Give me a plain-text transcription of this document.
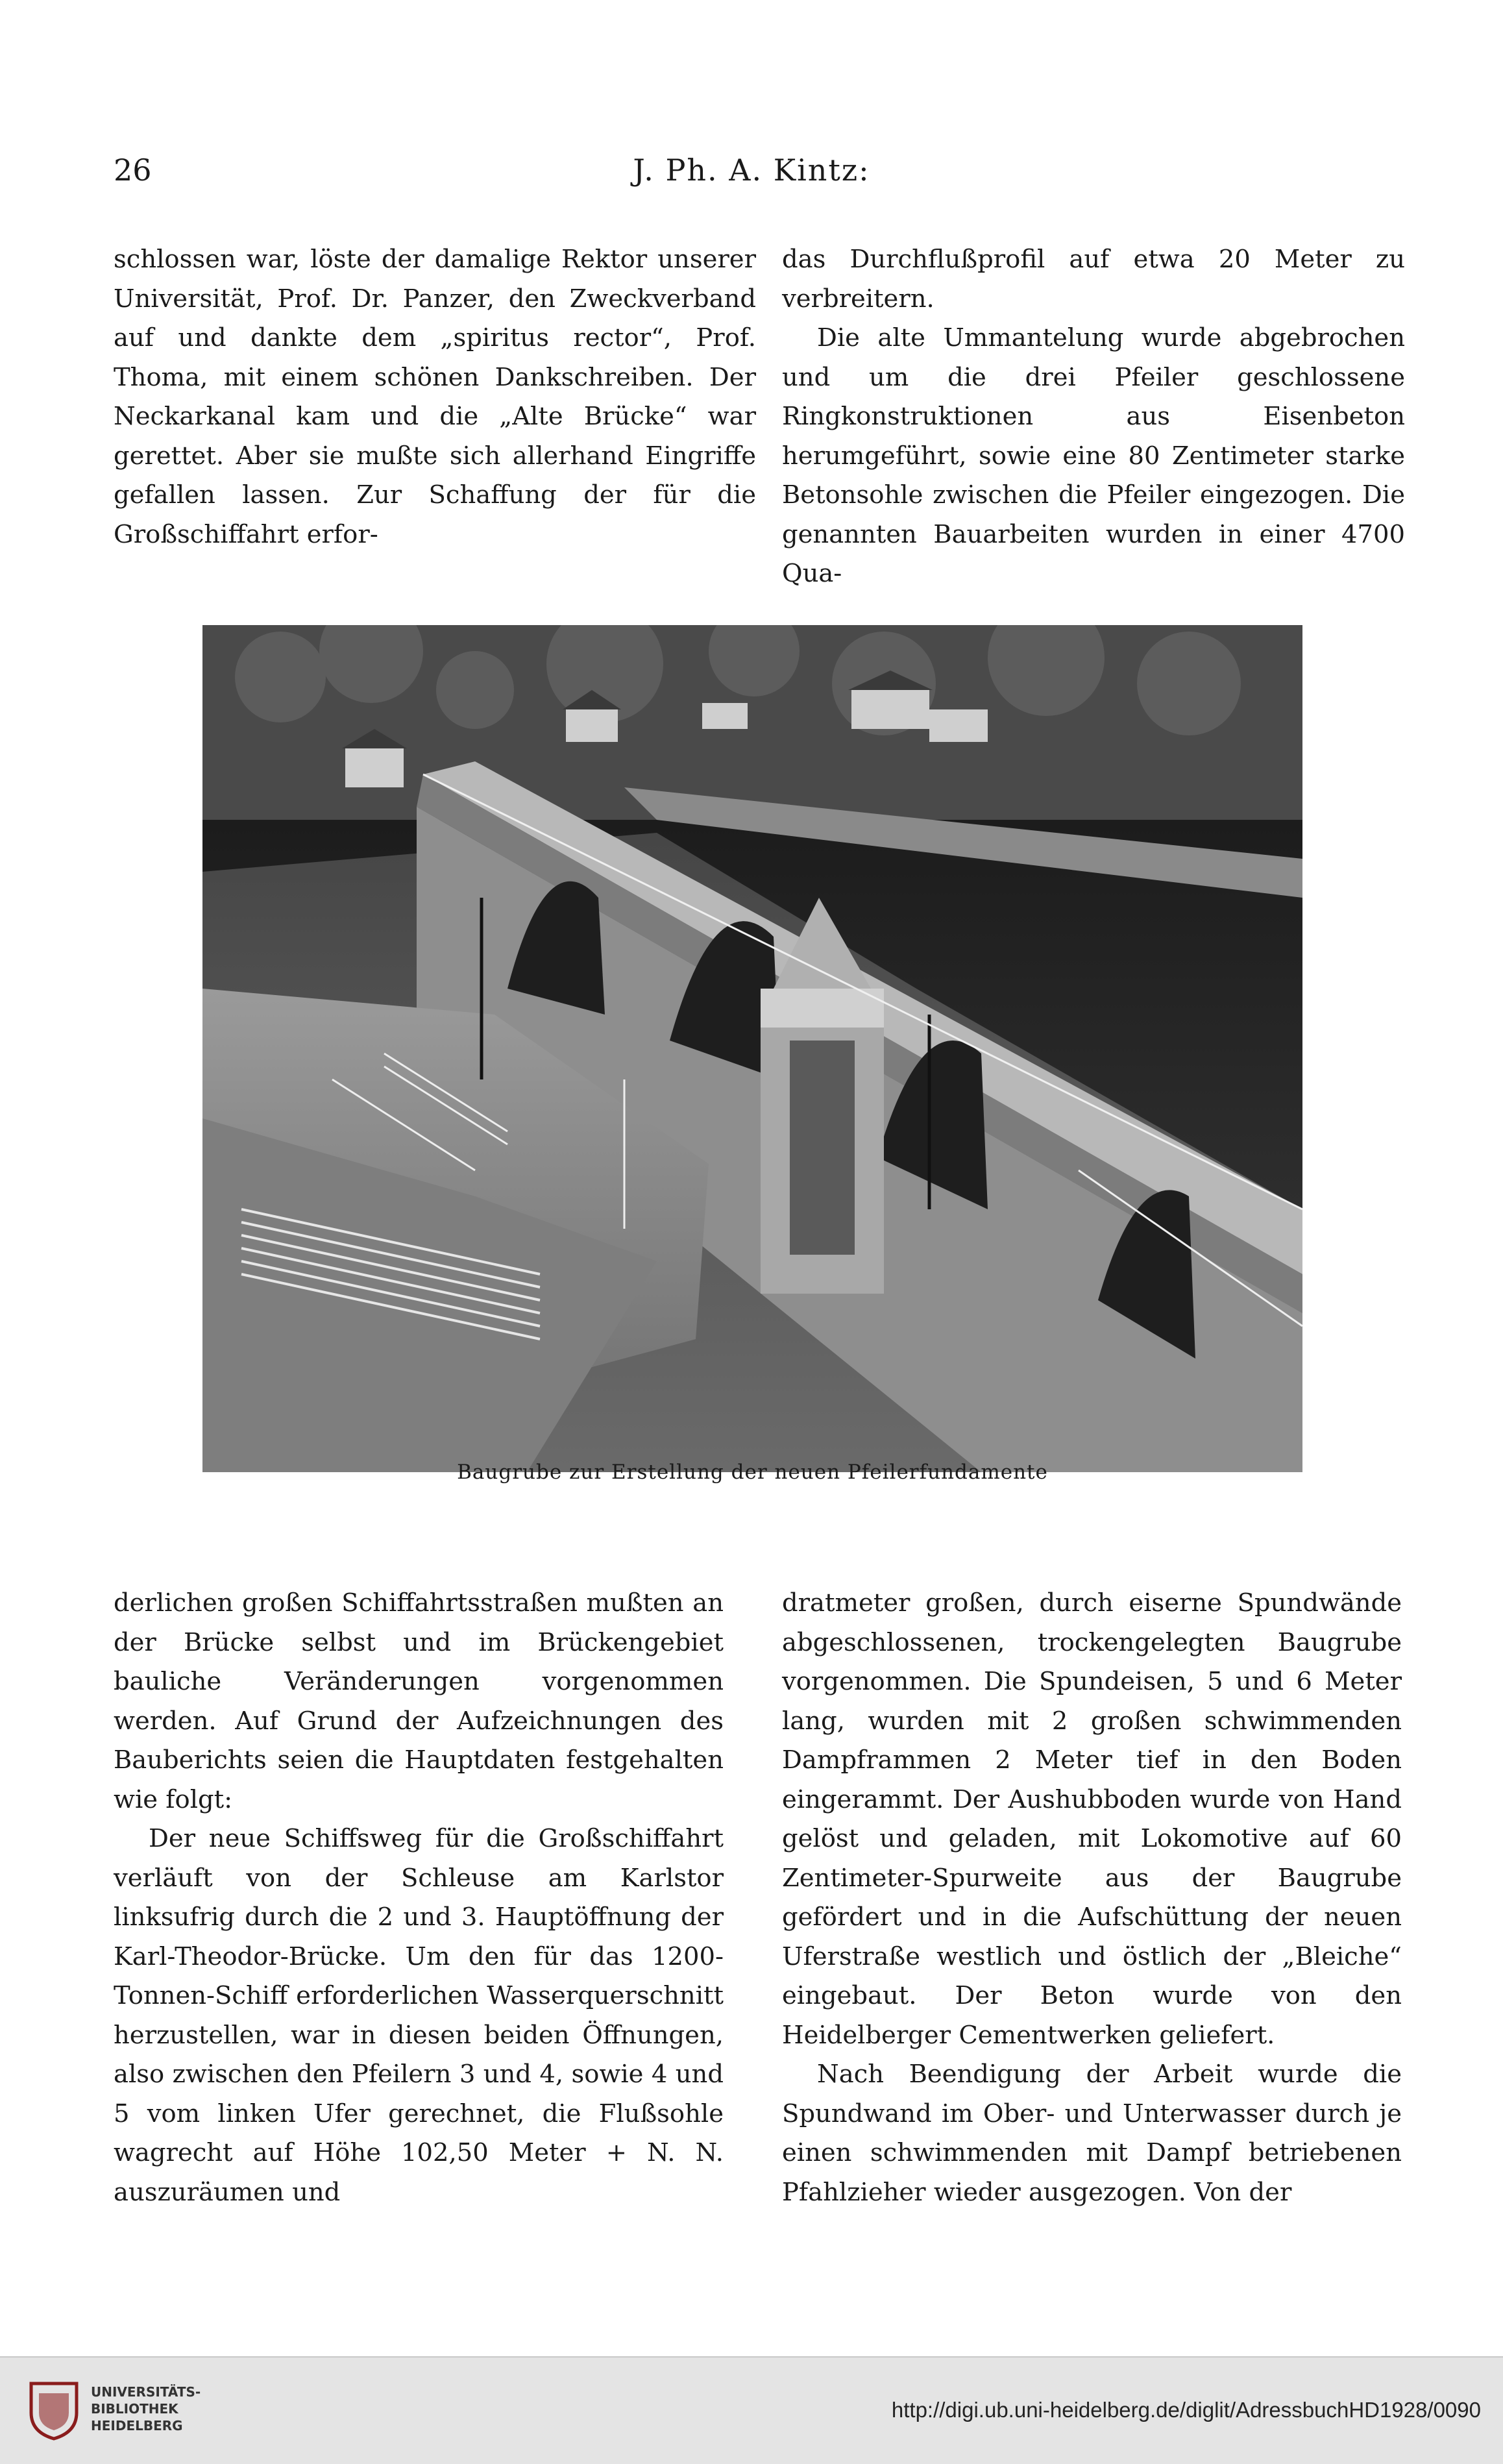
26	J. Ph. A. Kintz:

schlossen war, löste der damalige Rektor unserer Universität, Prof. Dr. Panzer, den Zweckverband auf und dankte dem „spiritus rector“, Prof. Thoma, mit einem schönen Dankschreiben. Der Neckarkanal kam und die „Alte Brücke“ war gerettet. Aber sie mußte sich allerhand Eingriffe gefallen lassen. Zur Schaffung der für die Großschiffahrt erfor-

das Durchflußprofil auf etwa 20 Meter zu verbreitern.

Die alte Ummantelung wurde abgebrochen und um die drei Pfeiler geschlossene Ringkonstruktionen aus Eisenbeton herumgeführt, sowie eine 80 Zentimeter starke Betonsohle zwischen die Pfeiler eingezogen. Die genannten Bauarbeiten wurden in einer 4700 Qua-

Baugrube zur Erstellung der neuen Pfeilerfundamente

derlichen großen Schiffahrtsstraßen mußten an der Brücke selbst und im Brückengebiet bauliche Veränderungen vorgenommen werden. Auf Grund der Aufzeichnungen des Bauberichts seien die Hauptdaten festgehalten wie folgt:

Der neue Schiffsweg für die Großschiffahrt verläuft von der Schleuse am Karlstor linksufrig durch die 2 und 3. Hauptöffnung der Karl-Theodor-Brücke. Um den für das 1200-Tonnen-Schiff erforderlichen Wasserquerschnitt herzustellen, war in diesen beiden Öffnungen, also zwischen den Pfeilern 3 und 4, sowie 4 und 5 vom linken Ufer gerechnet, die Flußsohle wagrecht auf Höhe 102,50 Meter + N. N. auszuräumen und

dratmeter großen, durch eiserne Spundwände abgeschlossenen, trockengelegten Baugrube vorgenommen. Die Spundeisen, 5 und 6 Meter lang, wurden mit 2 großen schwimmenden Dampframmen 2 Meter tief in den Boden eingerammt. Der Aushubboden wurde von Hand gelöst und geladen, mit Lokomotive auf 60 Zentimeter-Spurweite aus der Baugrube gefördert und in die Aufschüttung der neuen Uferstraße westlich und östlich der „Bleiche“ eingebaut. Der Beton wurde von den Heidelberger Cementwerken geliefert.

Nach Beendigung der Arbeit wurde die Spundwand im Ober- und Unterwasser durch je einen schwimmenden mit Dampf betriebenen Pfahlzieher wieder ausgezogen. Von der

UNIVERSITÄTS-
BIBLIOTHEK
HEIDELBERG
http://digi.ub.uni-heidelberg.de/diglit/AdressbuchHD1928/0090
